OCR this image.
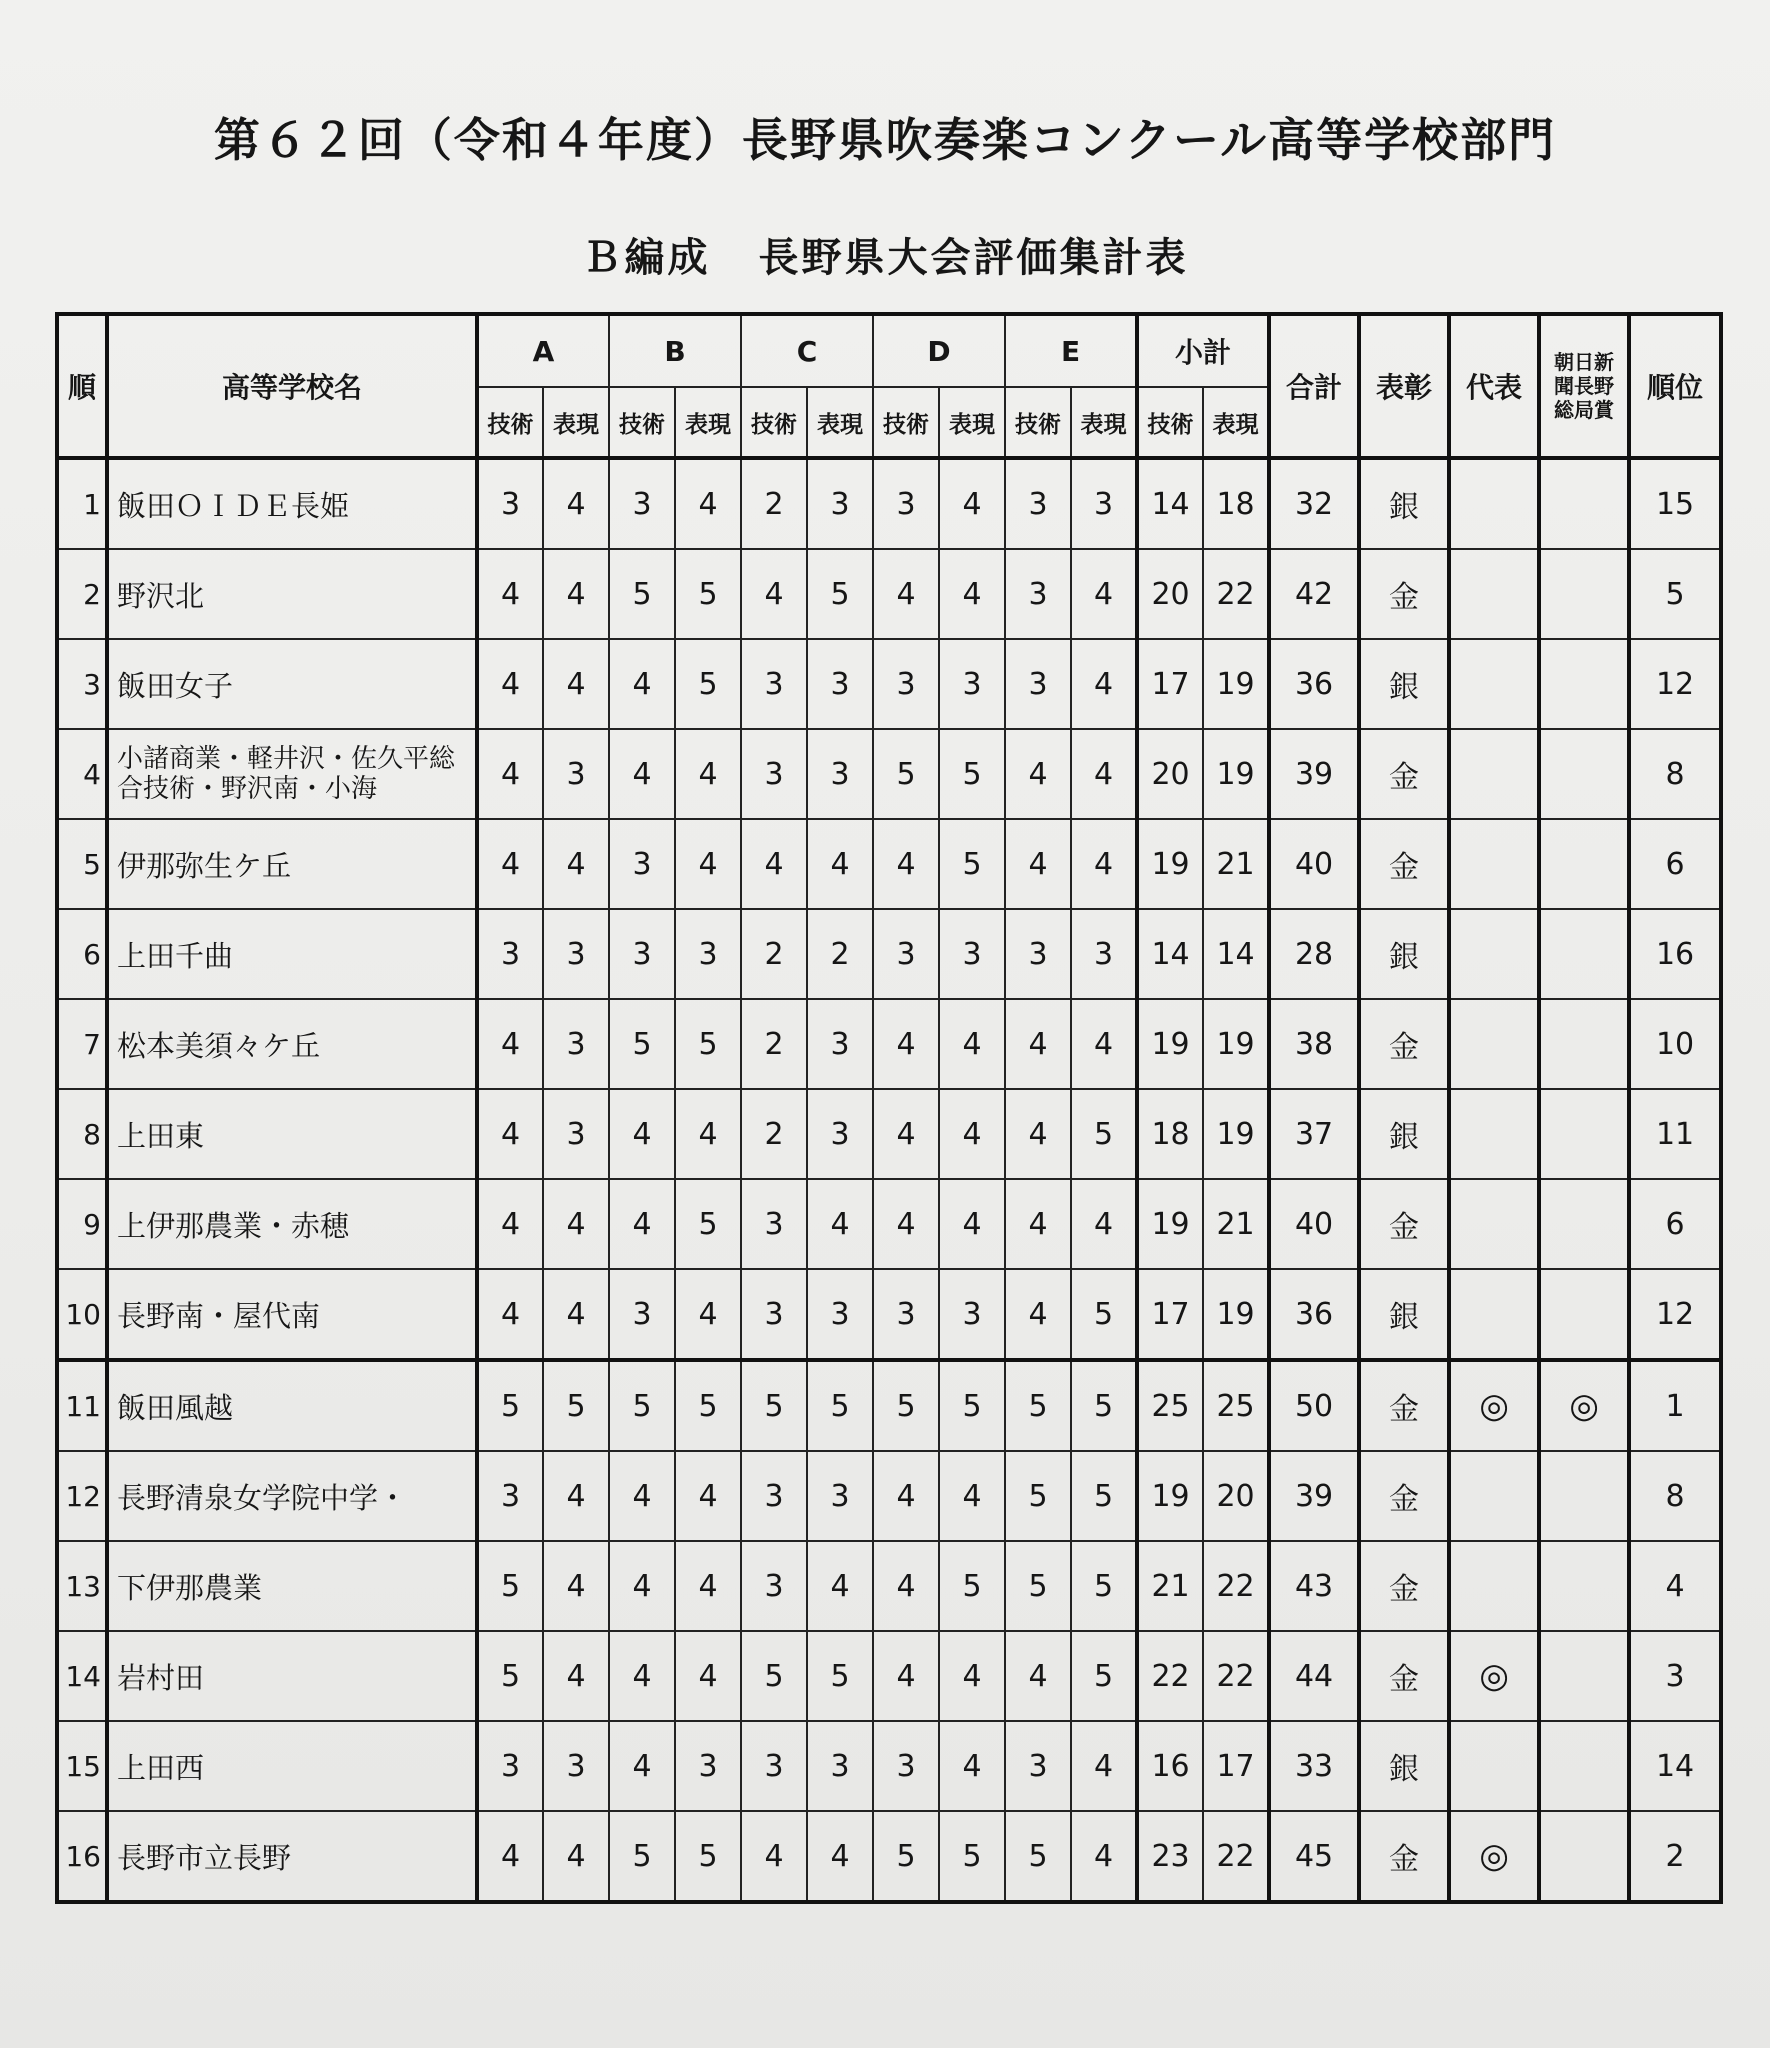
第６２回（令和４年度）長野県吹奏楽コンクール高等学校部門
Ｂ編成 長野県大会評価集計表
順	高等学校名	A		B		C		D		E		小計		合計	表彰	代表	朝日新聞長野総局賞	順位
		技術	表現	技術	表現	技術	表現	技術	表現	技術	表現	技術	表現					
1	飯田ＯＩＤＥ長姫	3	4	3	4	2	3	3	4	3	3	14	18	32	銀			15
2	野沢北	4	4	5	5	4	5	4	4	3	4	20	22	42	金			5
3	飯田女子	4	4	4	5	3	3	3	3	3	4	17	19	36	銀			12
4	小諸商業・軽井沢・佐久平総合技術・野沢南・小海	4	3	4	4	3	3	5	5	4	4	20	19	39	金			8
5	伊那弥生ケ丘	4	4	3	4	4	4	4	5	4	4	19	21	40	金			6
6	上田千曲	3	3	3	3	2	2	3	3	3	3	14	14	28	銀			16
7	松本美須々ケ丘	4	3	5	5	2	3	4	4	4	4	19	19	38	金			10
8	上田東	4	3	4	4	2	3	4	4	4	5	18	19	37	銀			11
9	上伊那農業・赤穂	4	4	4	5	3	4	4	4	4	4	19	21	40	金			6
10	長野南・屋代南	4	4	3	4	3	3	3	3	4	5	17	19	36	銀			12
11	飯田風越	5	5	5	5	5	5	5	5	5	5	25	25	50	金	◎	◎	1
12	長野清泉女学院中学・	3	4	4	4	3	3	4	4	5	5	19	20	39	金			8
13	下伊那農業	5	4	4	4	3	4	4	5	5	5	21	22	43	金			4
14	岩村田	5	4	4	4	5	5	4	4	4	5	22	22	44	金	◎		3
15	上田西	3	3	4	3	3	3	3	4	3	4	16	17	33	銀			14
16	長野市立長野	4	4	5	5	4	4	5	5	5	4	23	22	45	金	◎		2
